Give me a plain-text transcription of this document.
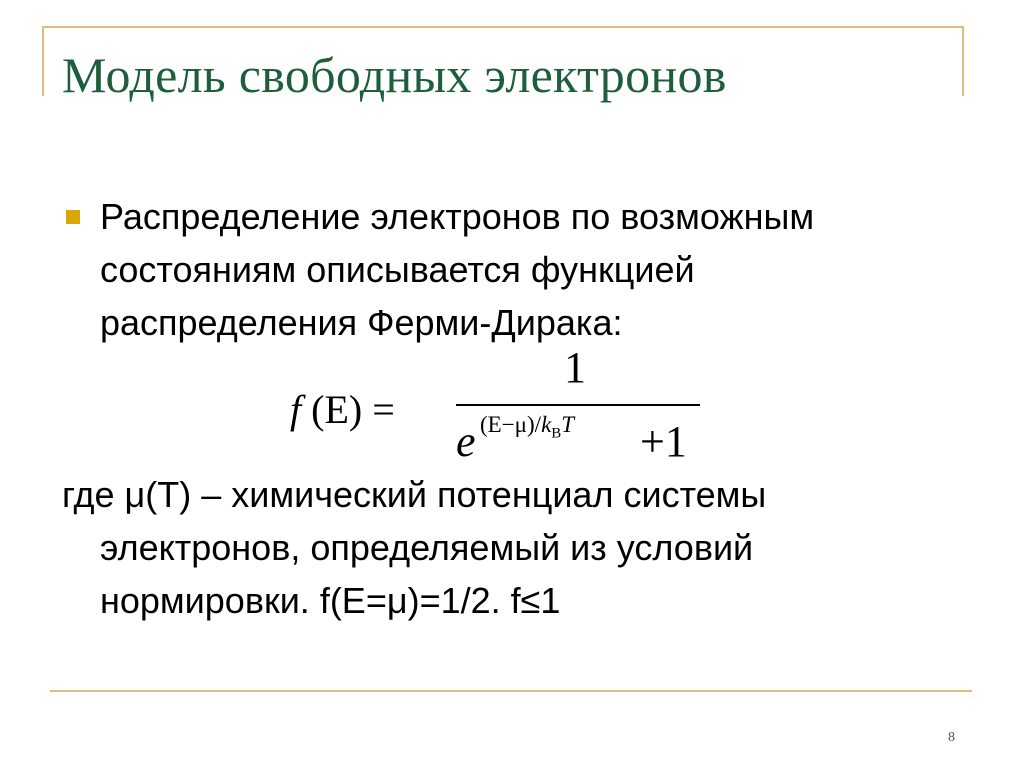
Модель свободных электронов
Распределение электронов по возможным
состояниям описывается функцией
распределения Ферми-Дирака:
f (E) =
1
e $(E-\mu)/k_BT +1$
где μ(T) – химический потенциал системы
электронов, определяемый из условий
нормировки. f(E=μ)=1/2. f≤1
8
